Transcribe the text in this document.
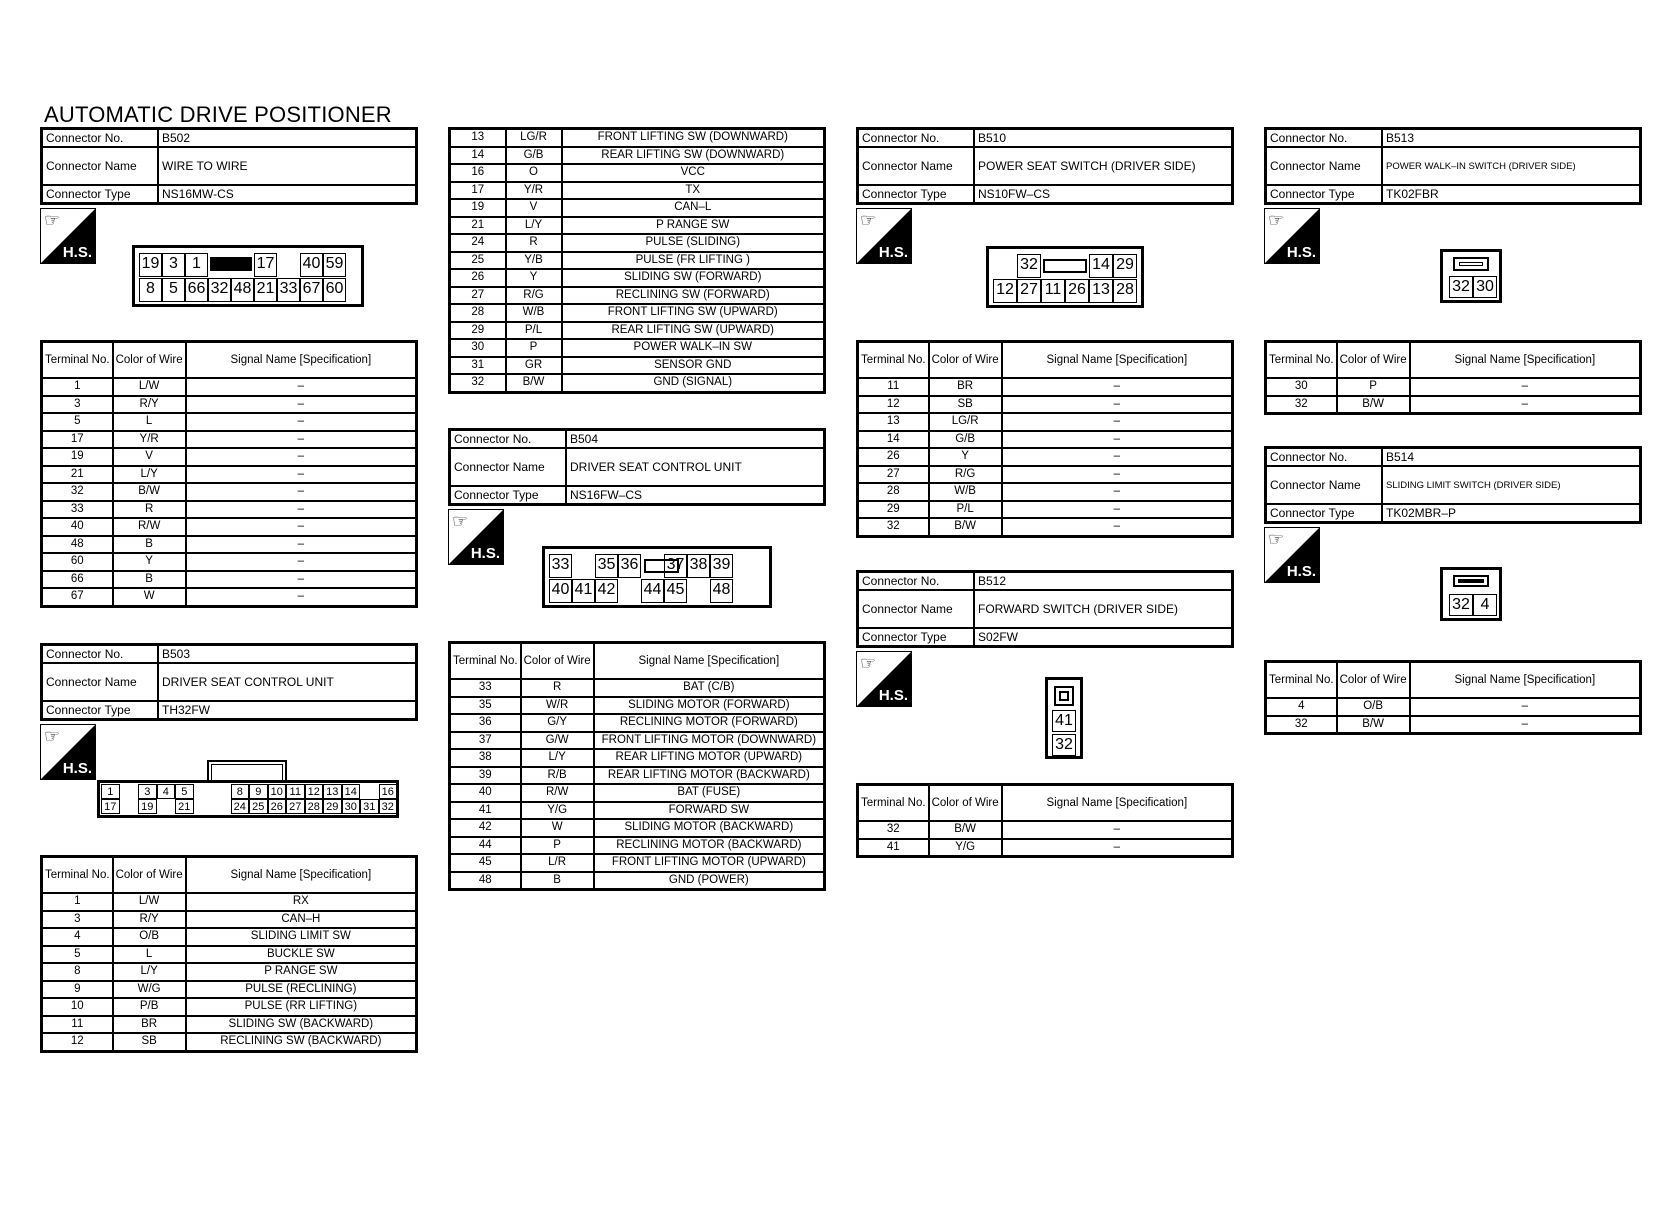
AUTOMATIC DRIVE POSITIONER
Connector No.	B502
Connector Name	WIRE TO WIRE
Connector Type	NS16MW-CS
☞
H.S.
19 3 1	17 40 59
8 5 66 32 48 21 33 67 60
Terminal No.	Color of Wire	Signal Name [Specification]
1	L/W	–
3	R/Y	–
5	L	–
17	Y/R	–
19	V	–
21	L/Y	–
32	B/W	–
33	R	–
40	R/W	–
48	B	–
60	Y	–
66	B	–
67	W	–
Connector No.	B503
Connector Name	DRIVER SEAT CONTROL UNIT
Connector Type	TH32FW
☞
H.S.
1	3	4	5	8	9 10 11 12 13 14 16
17 19 21	24 25 26 27 28 29 30 31 32
Terminal No.	Color of Wire	Signal Name [Specification]
1	L/W	RX
3	R/Y	CAN–H
4	O/B	SLIDING LIMIT SW
5	L	BUCKLE SW
8	L/Y	P RANGE SW
9	W/G	PULSE (RECLINING)
10	P/B	PULSE (RR LIFTING)
11	BR	SLIDING SW (BACKWARD)
12	SB	RECLINING SW (BACKWARD)
13	LG/R	FRONT LIFTING SW (DOWNWARD)
14	G/B	REAR LIFTING SW (DOWNWARD)
16	O	VCC
17	Y/R	TX
19	V	CAN–L
21	L/Y	P RANGE SW
24	R	PULSE (SLIDING)
25	Y/B	PULSE (FR LIFTING )
26	Y	SLIDING SW (FORWARD)
27	R/G	RECLINING SW (FORWARD)
28	W/B	FRONT LIFTING SW (UPWARD)
29	P/L	REAR LIFTING SW (UPWARD)
30	P	POWER WALK–IN SW
31	GR	SENSOR GND
32	B/W	GND (SIGNAL)
Connector No.	B504
Connector Name	DRIVER SEAT CONTROL UNIT
Connector Type	NS16FW–CS
☞
H.S.
33 35 36 37 38 39
40 41 42 44 45 48
Terminal No.	Color of Wire	Signal Name [Specification]
33	R	BAT (C/B)
35	W/R	SLIDING MOTOR (FORWARD)
36	G/Y	RECLINING MOTOR (FORWARD)
37	G/W	FRONT LIFTING MOTOR (DOWNWARD)
38	L/Y	REAR LIFTING MOTOR (UPWARD)
39	R/B	REAR LIFTING MOTOR (BACKWARD)
40	R/W	BAT (FUSE)
41	Y/G	FORWARD SW
42	W	SLIDING MOTOR (BACKWARD)
44	P	RECLINING MOTOR (BACKWARD)
45	L/R	FRONT LIFTING MOTOR (UPWARD)
48	B	GND (POWER)
Connector No.	B510
Connector Name	POWER SEAT SWITCH (DRIVER SIDE)
Connector Type	NS10FW–CS
☞
H.S.
32	14 29
12 27 11 26 13 28
Terminal No.	Color of Wire	Signal Name [Specification]
11	BR	–
12	SB	–
13	LG/R	–
14	G/B	–
26	Y	–
27	R/G	–
28	W/B	–
29	P/L	–
32	B/W	–
Connector No.	B512
Connector Name	FORWARD SWITCH (DRIVER SIDE)
Connector Type	S02FW
☞
H.S.
41
32
Terminal No.	Color of Wire	Signal Name [Specification]
32	B/W	–
41	Y/G	–
Connector No.	B513
Connector Name	POWER WALK–IN SWITCH (DRIVER SIDE)
Connector Type	TK02FBR
☞
H.S.
32 30
Terminal No.	Color of Wire	Signal Name [Specification]
30	P	–
32	B/W	–
Connector No.	B514
Connector Name	SLIDING LIMIT SWITCH (DRIVER SIDE)
Connector Type	TK02MBR–P
☞
H.S.
32 4
Terminal No.	Color of Wire	Signal Name [Specification]
4	O/B	–
32	B/W	–
